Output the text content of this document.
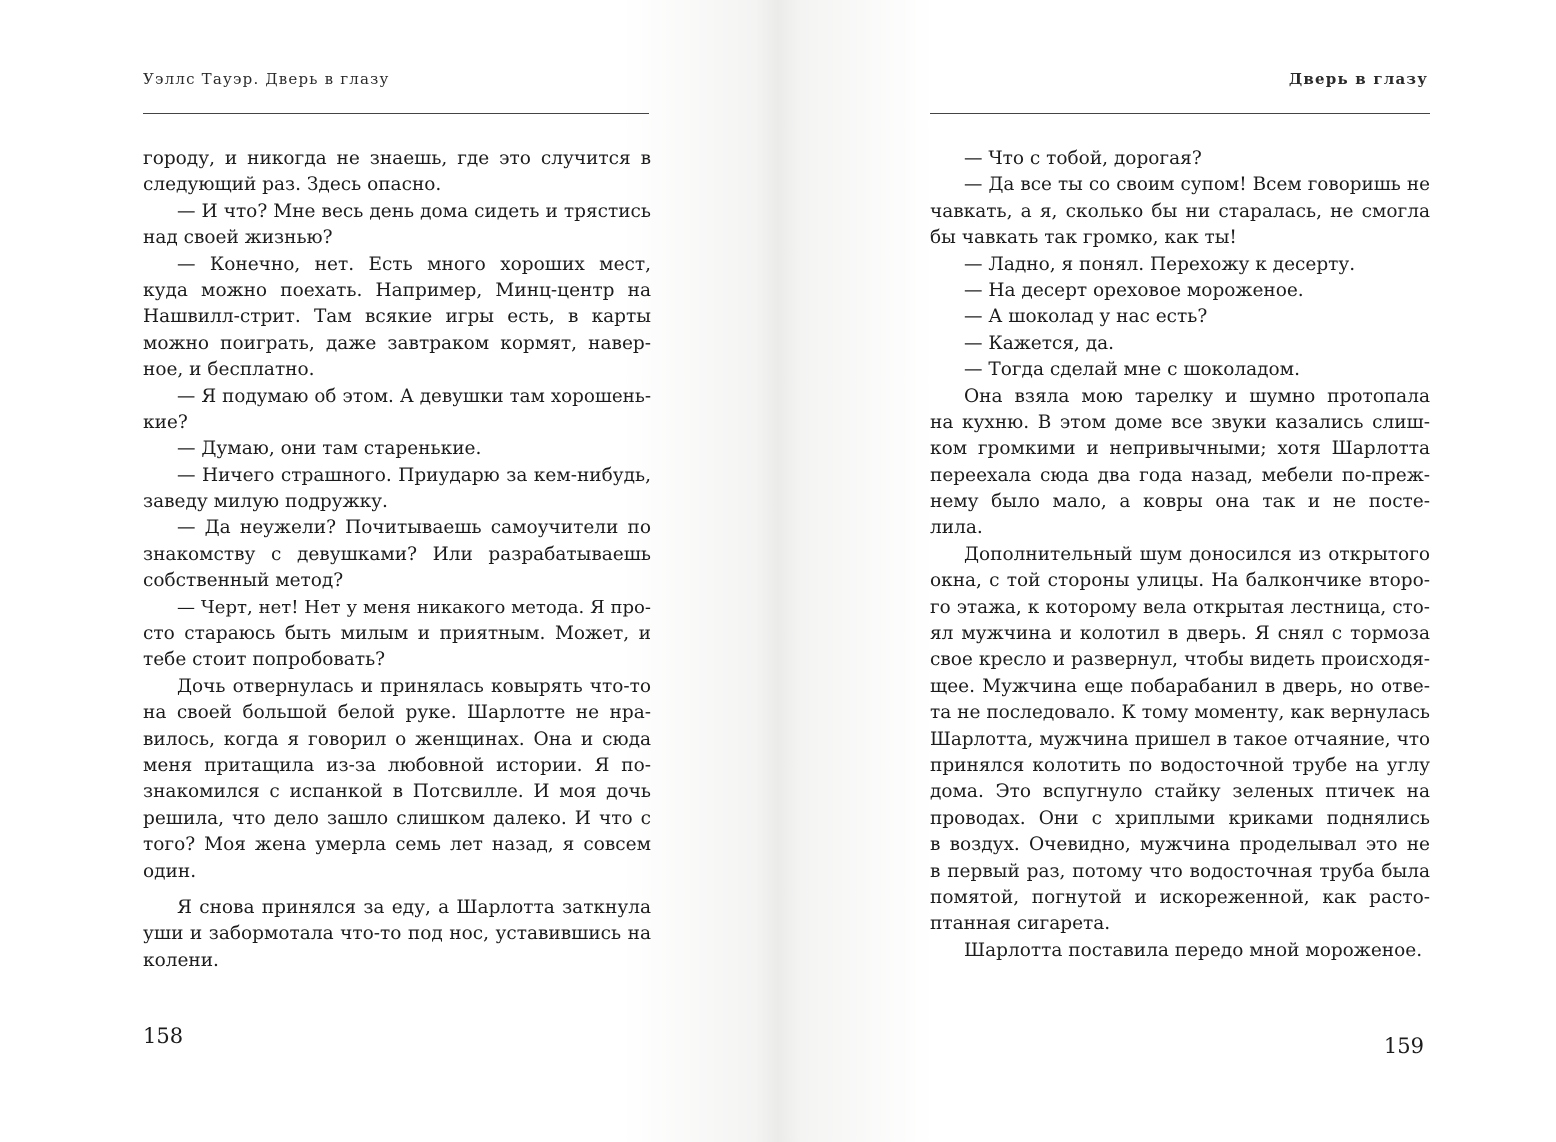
Уэллс Тауэр. Дверь в глазу
городу, и никогда не знаешь, где это случится в
следующий раз. Здесь опасно.
— И что? Мне весь день дома сидеть и трястись
над своей жизнью?
— Конечно, нет. Есть много хороших мест,
куда можно поехать. Например, Минц-центр на
Нашвилл-стрит. Там всякие игры есть, в карты
можно поиграть, даже завтраком кормят, навер-
ное, и бесплатно.
— Я подумаю об этом. А девушки там хорошень-
кие?
— Думаю, они там старенькие.
— Ничего страшного. Приударю за кем-нибудь,
заведу милую подружку.
— Да неужели? Почитываешь самоучители по
знакомству с девушками? Или разрабатываешь
собственный метод?
— Черт, нет! Нет у меня никакого метода. Я про-
сто стараюсь быть милым и приятным. Может, и
тебе стоит попробовать?
Дочь отвернулась и принялась ковырять что-то
на своей большой белой руке. Шарлотте не нра-
вилось, когда я говорил о женщинах. Она и сюда
меня притащила из-за любовной истории. Я по-
знакомился с испанкой в Потсвилле. И моя дочь
решила, что дело зашло слишком далеко. И что с
того? Моя жена умерла семь лет назад, я совсем
один.
Я снова принялся за еду, а Шарлотта заткнула
уши и забормотала что-то под нос, уставившись на
колени.
158
Дверь в глазу
— Что с тобой, дорогая?
— Да все ты со своим супом! Всем говоришь не
чавкать, а я, сколько бы ни старалась, не смогла
бы чавкать так громко, как ты!
— Ладно, я понял. Перехожу к десерту.
— На десерт ореховое мороженое.
— А шоколад у нас есть?
— Кажется, да.
— Тогда сделай мне с шоколадом.
Она взяла мою тарелку и шумно протопала
на кухню. В этом доме все звуки казались слиш-
ком громкими и непривычными; хотя Шарлотта
переехала сюда два года назад, мебели по-преж-
нему было мало, а ковры она так и не посте-
лила.
Дополнительный шум доносился из открытого
окна, с той стороны улицы. На балкончике второ-
го этажа, к которому вела открытая лестница, сто-
ял мужчина и колотил в дверь. Я снял с тормоза
свое кресло и развернул, чтобы видеть происходя-
щее. Мужчина еще побарабанил в дверь, но отве-
та не последовало. К тому моменту, как вернулась
Шарлотта, мужчина пришел в такое отчаяние, что
принялся колотить по водосточной трубе на углу
дома. Это вспугнуло стайку зеленых птичек на
проводах. Они с хриплыми криками поднялись
в воздух. Очевидно, мужчина проделывал это не
в первый раз, потому что водосточная труба была
помятой, погнутой и искореженной, как расто-
птанная сигарета.
Шарлотта поставила передо мной мороженое.
159
